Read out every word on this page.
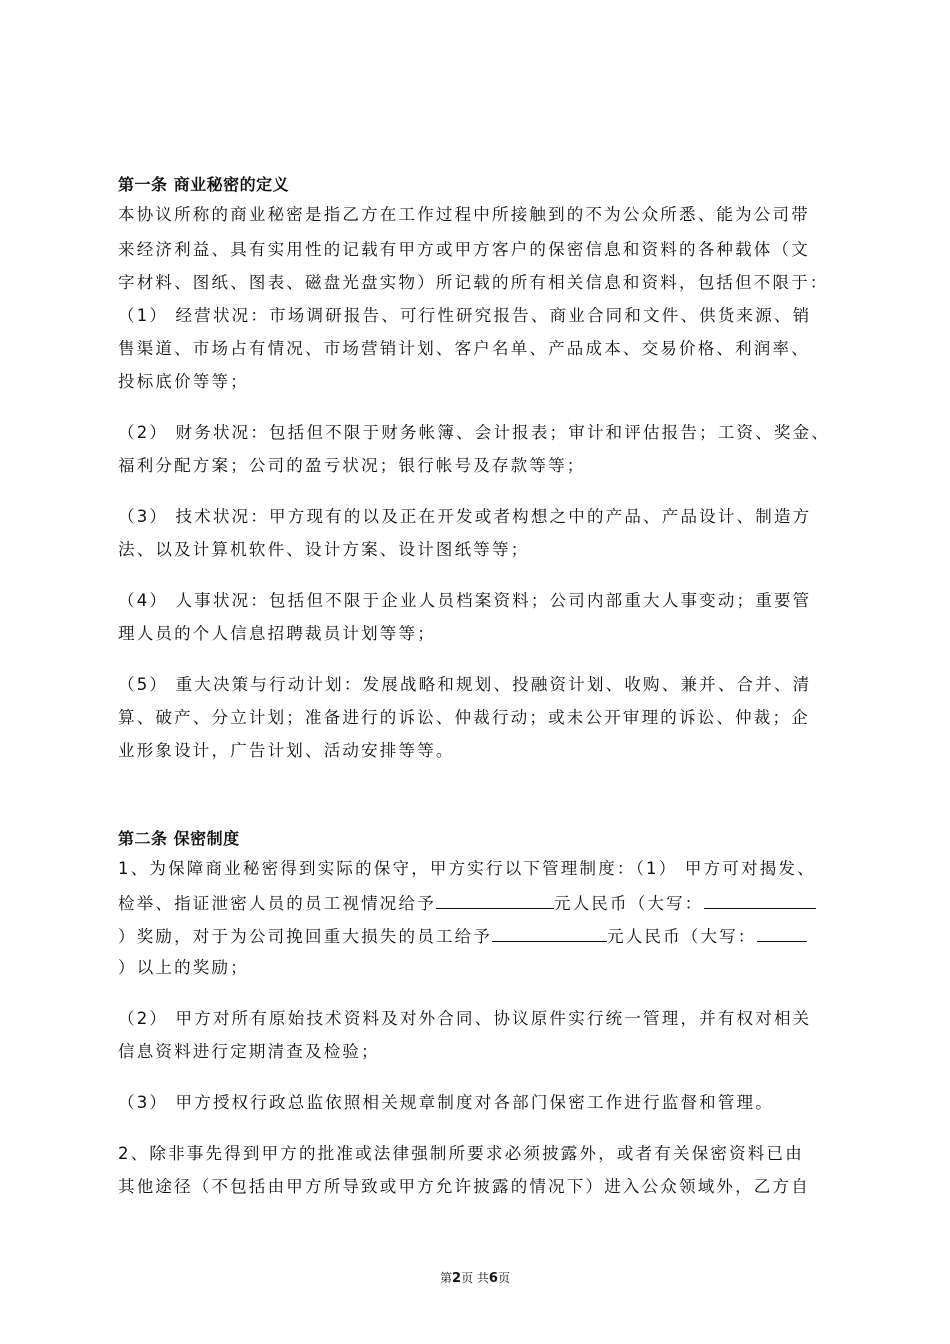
第一条 商业秘密的定义
本协议所称的商业秘密是指乙方在工作过程中所接触到的不为公众所悉、能为公司带
来经济利益、具有实用性的记载有甲方或甲方客户的保密信息和资料的各种载体（文
字材料、图纸、图表、磁盘光盘实物）所记载的所有相关信息和资料，包括但不限于：
（1） 经营状况：市场调研报告、可行性研究报告、商业合同和文件、供货来源、销
售渠道、市场占有情况、市场营销计划、客户名单、产品成本、交易价格、利润率、
投标底价等等；
（2） 财务状况：包括但不限于财务帐簿、会计报表；审计和评估报告；工资、奖金、
福利分配方案；公司的盈亏状况；银行帐号及存款等等；
（3） 技术状况：甲方现有的以及正在开发或者构想之中的产品、产品设计、制造方
法、以及计算机软件、设计方案、设计图纸等等；
（4） 人事状况：包括但不限于企业人员档案资料；公司内部重大人事变动；重要管
理人员的个人信息招聘裁员计划等等；
（5） 重大决策与行动计划：发展战略和规划、投融资计划、收购、兼并、合并、清
算、破产、分立计划；准备进行的诉讼、仲裁行动；或未公开审理的诉讼、仲裁；企
业形象设计，广告计划、活动安排等等。
第二条 保密制度
1、为保障商业秘密得到实际的保守，甲方实行以下管理制度：（1） 甲方可对揭发、
检举、指证泄密人员的员工视情况给予	元人民币（大写：
）奖励，对于为公司挽回重大损失的员工给予	元人民币（大写：
）以上的奖励；
（2） 甲方对所有原始技术资料及对外合同、协议原件实行统一管理，并有权对相关
信息资料进行定期清查及检验；
（3） 甲方授权行政总监依照相关规章制度对各部门保密工作进行监督和管理。
2、除非事先得到甲方的批准或法律强制所要求必须披露外，或者有关保密资料已由
其他途径（不包括由甲方所导致或甲方允许披露的情况下）进入公众领域外，乙方自
第2页 共6页
